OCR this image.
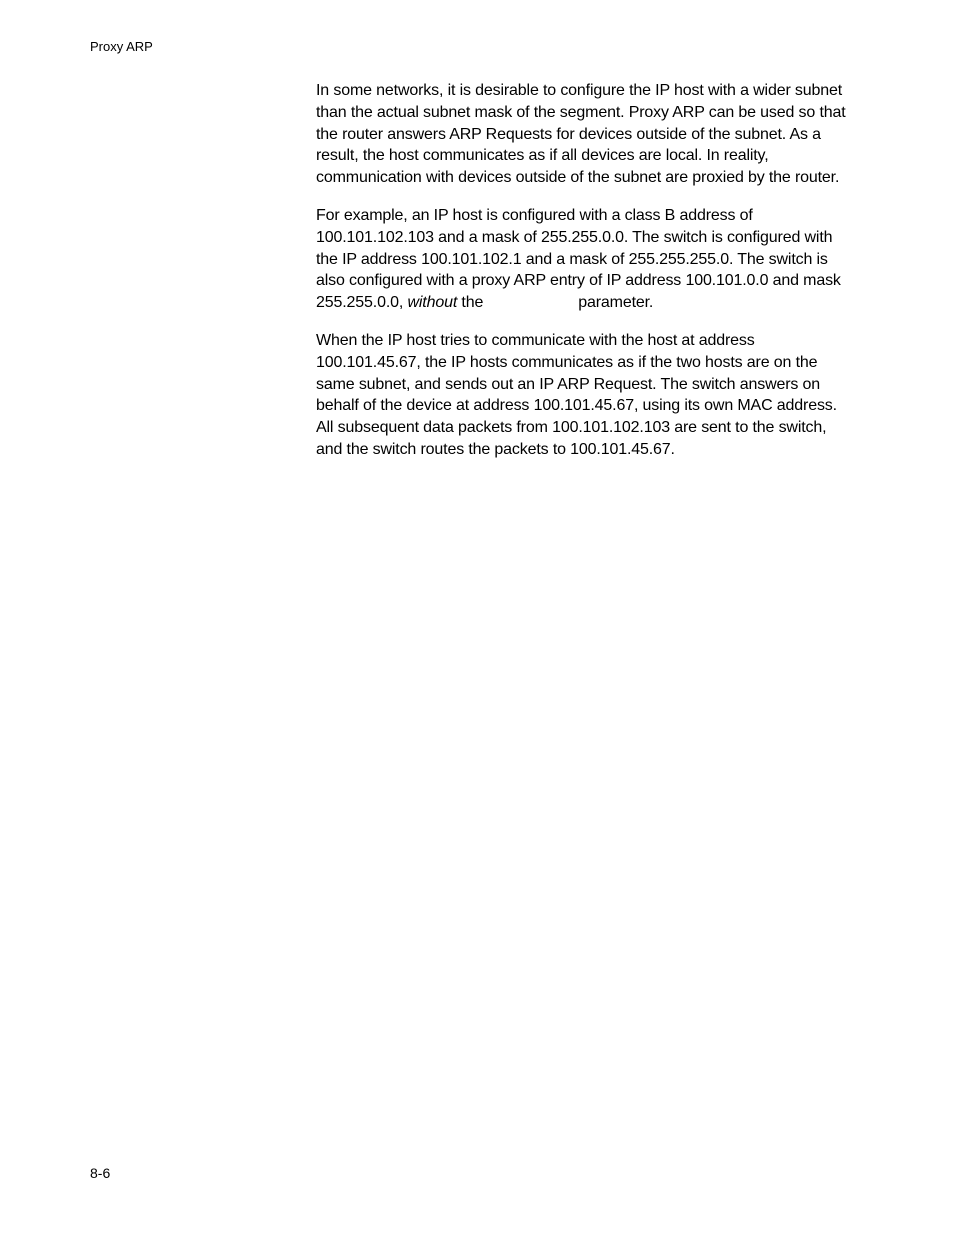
Proxy ARP

In some networks, it is desirable to configure the IP host with a wider subnet than the actual subnet mask of the segment. Proxy ARP can be used so that the router answers ARP Requests for devices outside of the subnet. As a result, the host communicates as if all devices are local. In reality, communication with devices outside of the subnet are proxied by the router.

For example, an IP host is configured with a class B address of 100.101.102.103 and a mask of 255.255.0.0. The switch is configured with the IP address 100.101.102.1 and a mask of 255.255.255.0. The switch is also configured with a proxy ARP entry of IP address 100.101.0.0 and mask 255.255.0.0, without the	parameter.

When the IP host tries to communicate with the host at address 100.101.45.67, the IP hosts communicates as if the two hosts are on the same subnet, and sends out an IP ARP Request. The switch answers on behalf of the device at address 100.101.45.67, using its own MAC address. All subsequent data packets from 100.101.102.103 are sent to the switch, and the switch routes the packets to 100.101.45.67.

8-6
